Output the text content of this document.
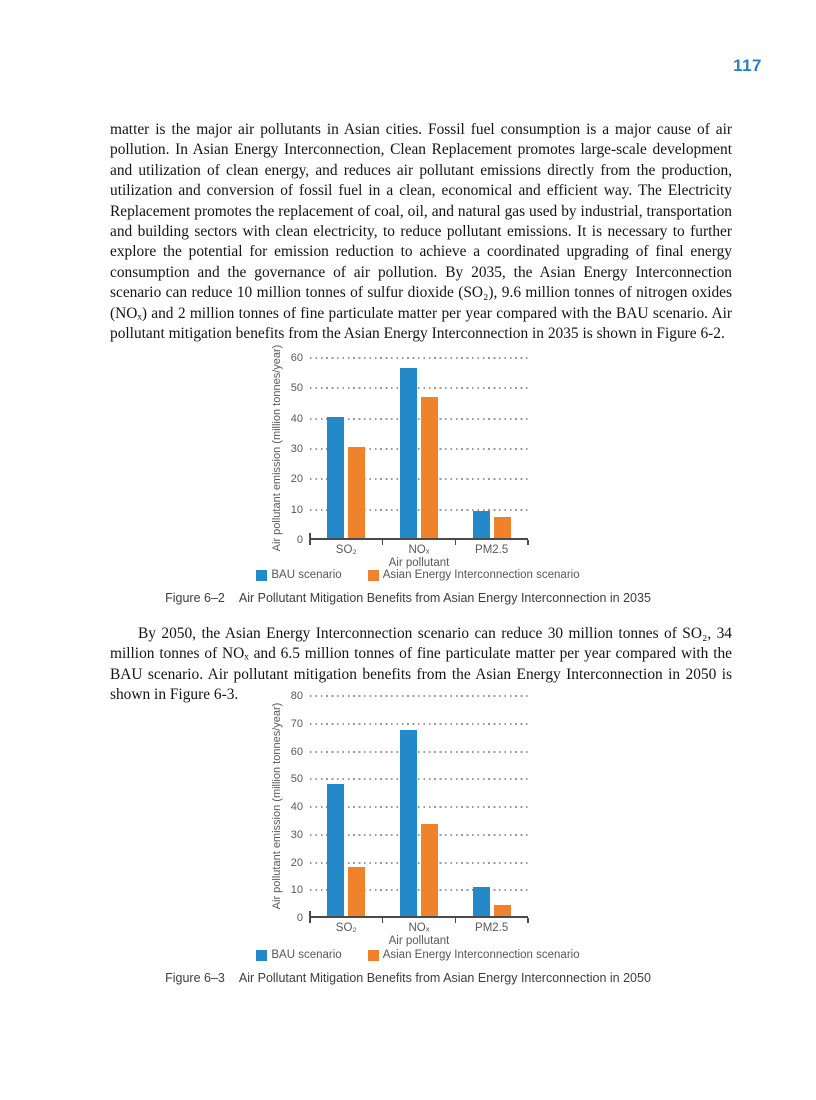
117

matter is the major air pollutants in Asian cities. Fossil fuel consumption is a major cause of air pollution. In Asian Energy Interconnection, Clean Replacement promotes large-scale development and utilization of clean energy, and reduces air pollutant emissions directly from the production, utilization and conversion of fossil fuel in a clean, economical and efficient way. The Electricity Replacement promotes the replacement of coal, oil, and natural gas used by industrial, transportation and building sectors with clean electricity, to reduce pollutant emissions. It is necessary to further explore the potential for emission reduction to achieve a coordinated upgrading of final energy consumption and the governance of air pollution. By 2035, the Asian Energy Interconnection scenario can reduce 10 million tonnes of sulfur dioxide (SO₂), 9.6 million tonnes of nitrogen oxides (NOₓ) and 2 million tonnes of fine particulate matter per year compared with the BAU scenario. Air pollutant mitigation benefits from the Asian Energy Interconnection in 2035 is shown in Figure 6-2.

Air pollutant emission (million tonnes/year)
Air pollutant
0
10
20
30
40
50
60
SO₂	NOₓ	PM2.5
BAU scenario	Asian Energy Interconnection scenario
Figure 6–2 Air Pollutant Mitigation Benefits from Asian Energy Interconnection in 2035

By 2050, the Asian Energy Interconnection scenario can reduce 30 million tonnes of SO₂, 34 million tonnes of NOₓ and 6.5 million tonnes of fine particulate matter per year compared with the BAU scenario. Air pollutant mitigation benefits from the Asian Energy Interconnection in 2050 is shown in Figure 6-3.

Air pollutant emission (million tonnes/year)
Air pollutant
0
10
20
30
40
50
60
70
80
SO₂	NOₓ	PM2.5
BAU scenario	Asian Energy Interconnection scenario
Figure 6–3 Air Pollutant Mitigation Benefits from Asian Energy Interconnection in 2050
